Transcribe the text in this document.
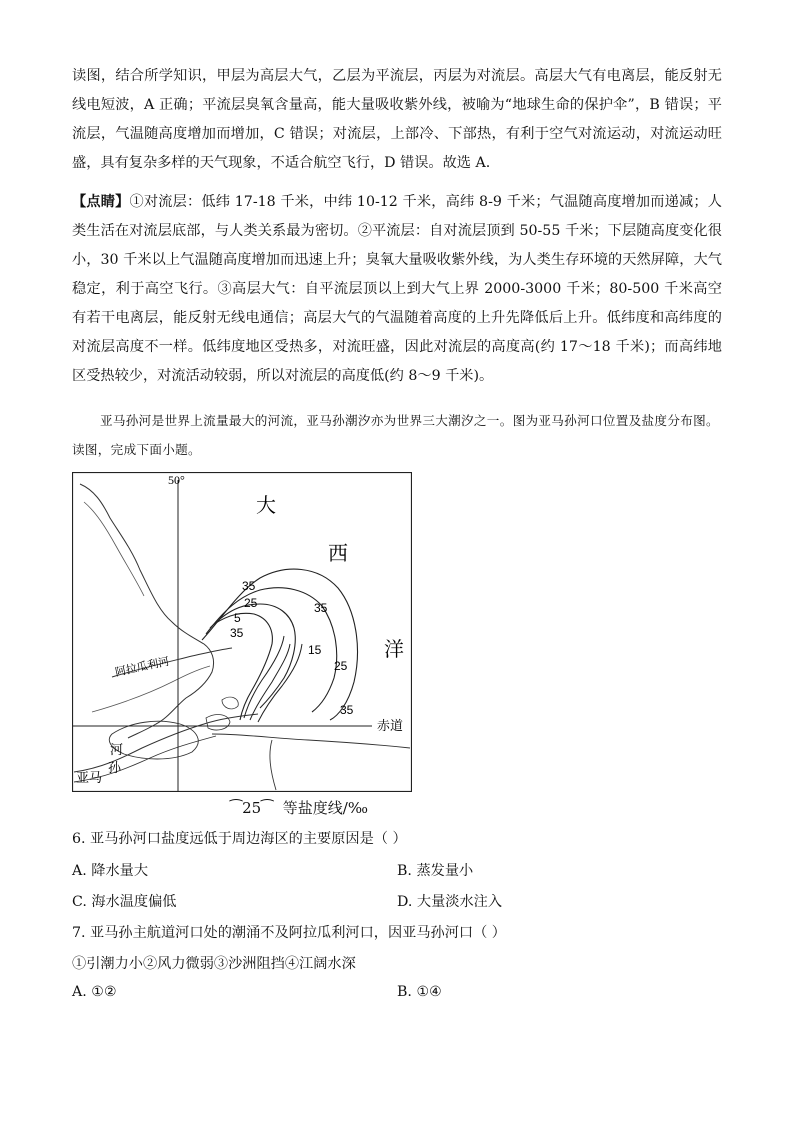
读图，结合所学知识，甲层为高层大气，乙层为平流层，丙层为对流层。高层大气有电离层，能反射无线电短波，A 正确；平流层臭氧含量高，能大量吸收紫外线，被喻为“地球生命的保护伞”，B 错误；平流层，气温随高度增加而增加，C 错误；对流层，上部冷、下部热，有利于空气对流运动，对流运动旺盛，具有复杂多样的天气现象，不适合航空飞行，D 错误。故选 A.

【点睛】①对流层：低纬 17-18 千米，中纬 10-12 千米，高纬 8-9 千米；气温随高度增加而递减；人类生活在对流层底部，与人类关系最为密切。②平流层：自对流层顶到 50-55 千米；下层随高度变化很小，30 千米以上气温随高度增加而迅速上升；臭氧大量吸收紫外线，为人类生存环境的天然屏障，大气稳定，利于高空飞行。③高层大气：自平流层顶以上到大气上界 2000-3000 千米；80-500 千米高空有若干电离层，能反射无线电通信；高层大气的气温随着高度的上升先降低后上升。低纬度和高纬度的对流层高度不一样。低纬度地区受热多，对流旺盛，因此对流层的高度高(约 17～18 千米)；而高纬地区受热较少，对流活动较弱，所以对流层的高度低(约 8～9 千米)。

亚马孙河是世界上流量最大的河流，亚马孙潮汐亦为世界三大潮汐之一。图为亚马孙河口位置及盐度分布图。读图，完成下面小题。

50°
大
西
洋
赤道
阿拉瓜利河
河
孙
亚马
35
25
5
35
15
35
25
35
⁀25⁀ 等盐度线/‰

6. 亚马孙河口盐度远低于周边海区的主要原因是（ ）

A. 降水量大	B. 蒸发量小

C. 海水温度偏低	D. 大量淡水注入

7. 亚马孙主航道河口处的潮涌不及阿拉瓜利河口，因亚马孙河口（ ）

①引潮力小②风力微弱③沙洲阻挡④江阔水深

A. ①②	B. ①④
